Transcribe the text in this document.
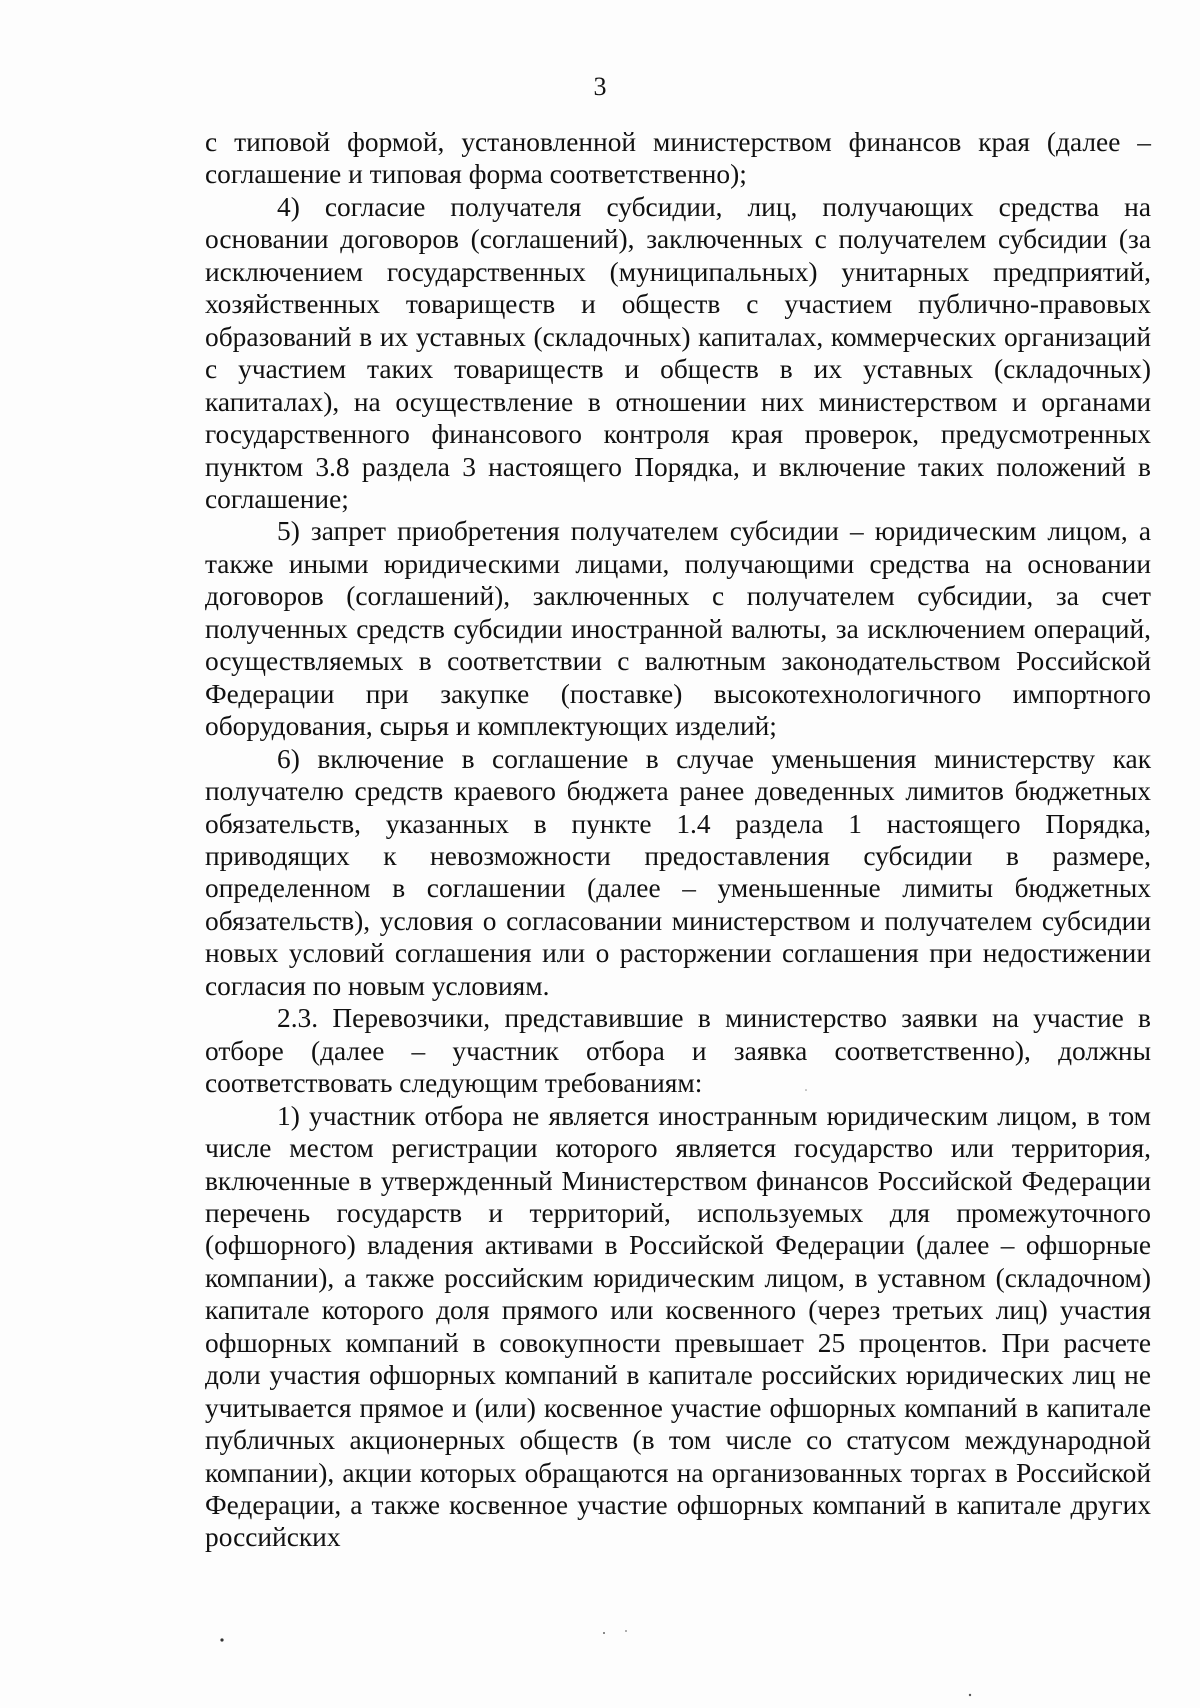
3

с типовой формой, установленной министерством финансов края (далее – соглашение и типовая форма соответственно);

4) согласие получателя субсидии, лиц, получающих средства на основании договоров (соглашений), заключенных с получателем субсидии (за исключением государственных (муниципальных) унитарных предприятий, хозяйственных товариществ и обществ с участием публично-правовых образований в их уставных (складочных) капиталах, коммерческих организаций с участием таких товариществ и обществ в их уставных (складочных) капиталах), на осуществление в отношении них министерством и органами государственного финансового контроля края проверок, предусмотренных пунктом 3.8 раздела 3 настоящего Порядка, и включение таких положений в соглашение;

5) запрет приобретения получателем субсидии – юридическим лицом, а также иными юридическими лицами, получающими средства на основании договоров (соглашений), заключенных с получателем субсидии, за счет полученных средств субсидии иностранной валюты, за исключением операций, осуществляемых в соответствии с валютным законодательством Российской Федерации при закупке (поставке) высокотехнологичного импортного оборудования, сырья и комплектующих изделий;

6) включение в соглашение в случае уменьшения министерству как получателю средств краевого бюджета ранее доведенных лимитов бюджетных обязательств, указанных в пункте 1.4 раздела 1 настоящего Порядка, приводящих к невозможности предоставления субсидии в размере, определенном в соглашении (далее – уменьшенные лимиты бюджетных обязательств), условия о согласовании министерством и получателем субсидии новых условий соглашения или о расторжении соглашения при недостижении согласия по новым условиям.

2.3. Перевозчики, представившие в министерство заявки на участие в отборе (далее – участник отбора и заявка соответственно), должны соответствовать следующим требованиям:

1) участник отбора не является иностранным юридическим лицом, в том числе местом регистрации которого является государство или территория, включенные в утвержденный Министерством финансов Российской Федерации перечень государств и территорий, используемых для промежуточного (офшорного) владения активами в Российской Федерации (далее – офшорные компании), а также российским юридическим лицом, в уставном (складочном) капитале которого доля прямого или косвенного (через третьих лиц) участия офшорных компаний в совокупности превышает 25 процентов. При расчете доли участия офшорных компаний в капитале российских юридических лиц не учитывается прямое и (или) косвенное участие офшорных компаний в капитале публичных акционерных обществ (в том числе со статусом международной компании), акции которых обращаются на организованных торгах в Российской Федерации, а также косвенное участие офшорных компаний в капитале других российских
